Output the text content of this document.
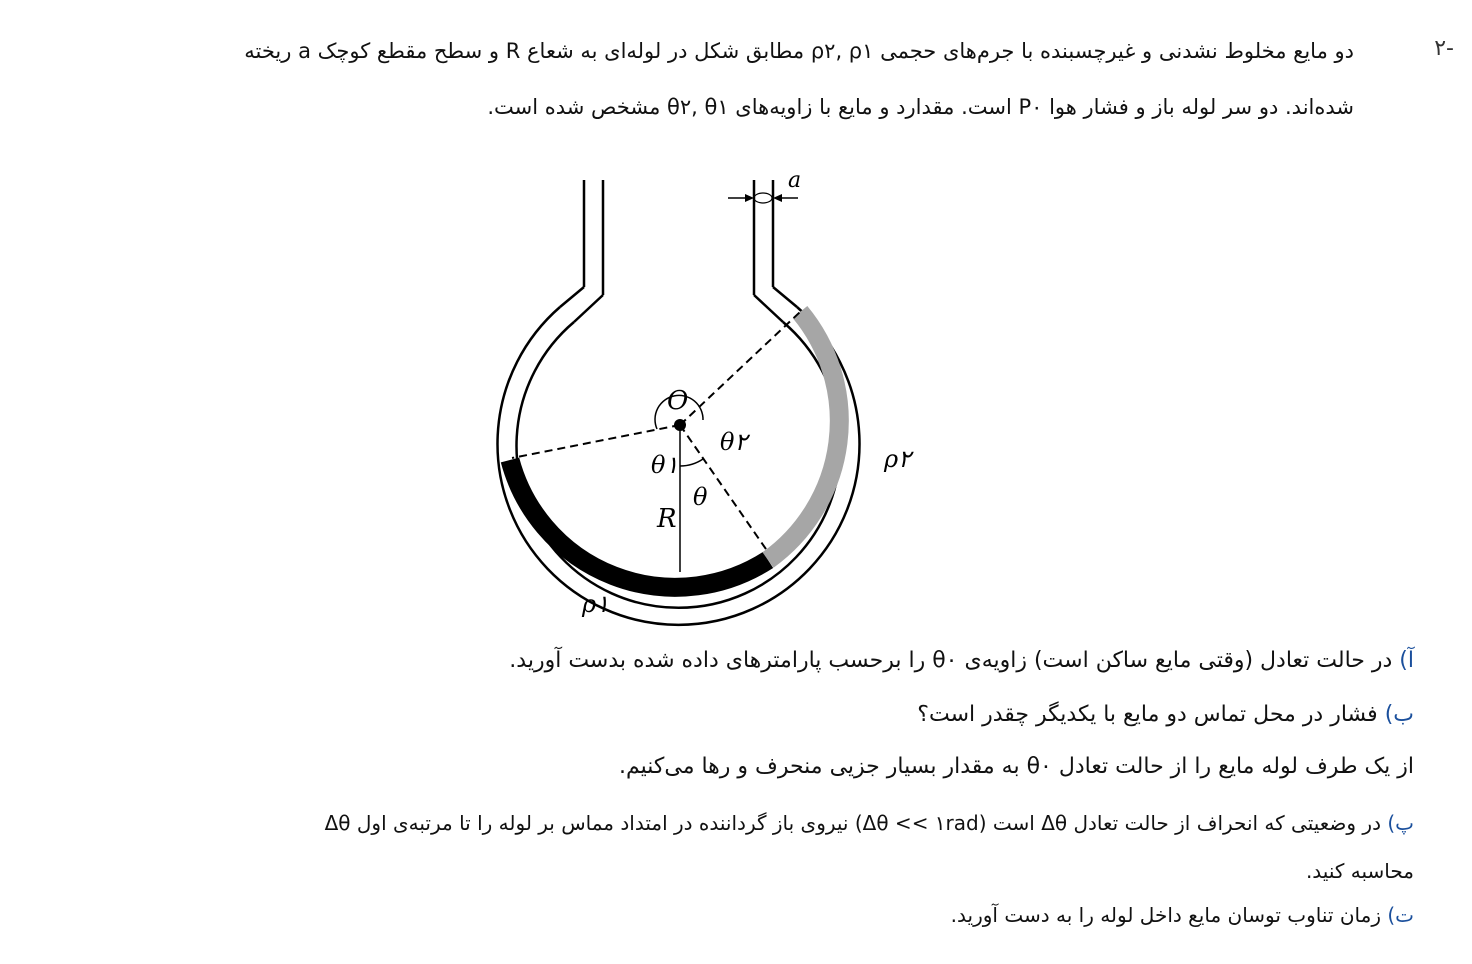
۲-
دو مایع مخلوط نشدنی و غیرچسبنده با جرم‌های حجمی ρ۲, ρ۱ مطابق شکل در لوله‌ای به شعاع R و سطح مقطع کوچک a ریخته
شده‌اند. دو سر لوله باز و فشار هوا P۰ است. مقدارد و مایع با زاویه‌های θ۲, θ۱ مشخص شده است.
a
O
θ۱
θ۲
θ
R
ρ۱
ρ۲
آ) در حالت تعادل (وقتی مایع ساکن است) زاویه‌ی θ۰ را برحسب پارامترهای داده شده بدست آورید.
ب) فشار در محل تماس دو مایع با یکدیگر چقدر است؟
از یک طرف لوله مایع را از حالت تعادل θ۰ به مقدار بسیار جزیی منحرف و رها می‌کنیم.
پ) در وضعیتی که انحراف از حالت تعادل Δθ است (Δθ << ۱rad) نیروی باز گرداننده در امتداد مماس بر لوله را تا مرتبه‌ی اول Δθ
محاسبه کنید.
ت) زمان تناوب توسان مایع داخل لوله را به دست آورید.
